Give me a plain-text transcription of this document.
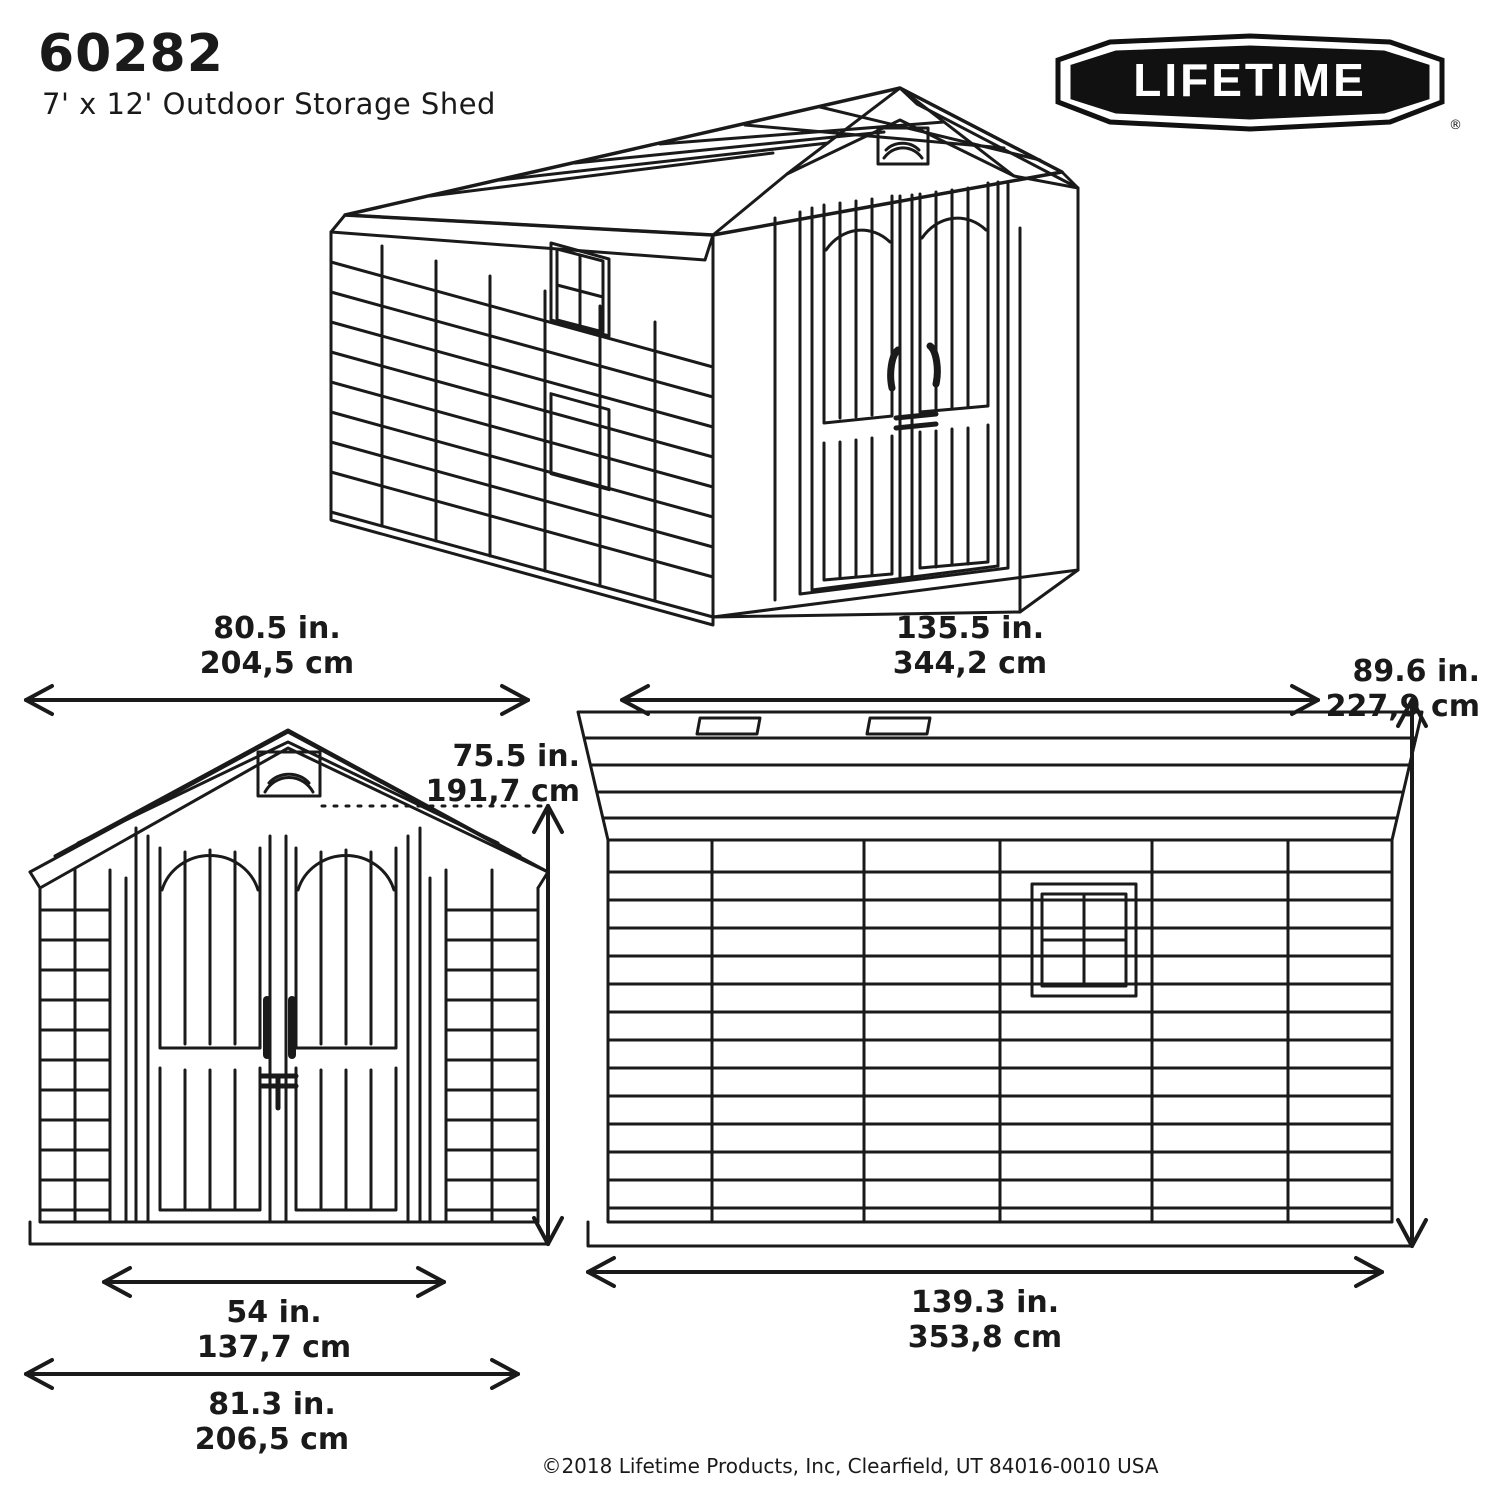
60282
7' x 12' Outdoor Storage Shed	LIFETIME
®
80.5 in.
204,5 cm
135.5 in.
344,2 cm	89.6 in.
227,9 cm
75.5 in.
191,7 cm
54 in.
137,7 cm
81.3 in.
206,5 cm
139.3 in.
353,8 cm
©2018 Lifetime Products, Inc, Clearfield, UT 84016-0010 USA
